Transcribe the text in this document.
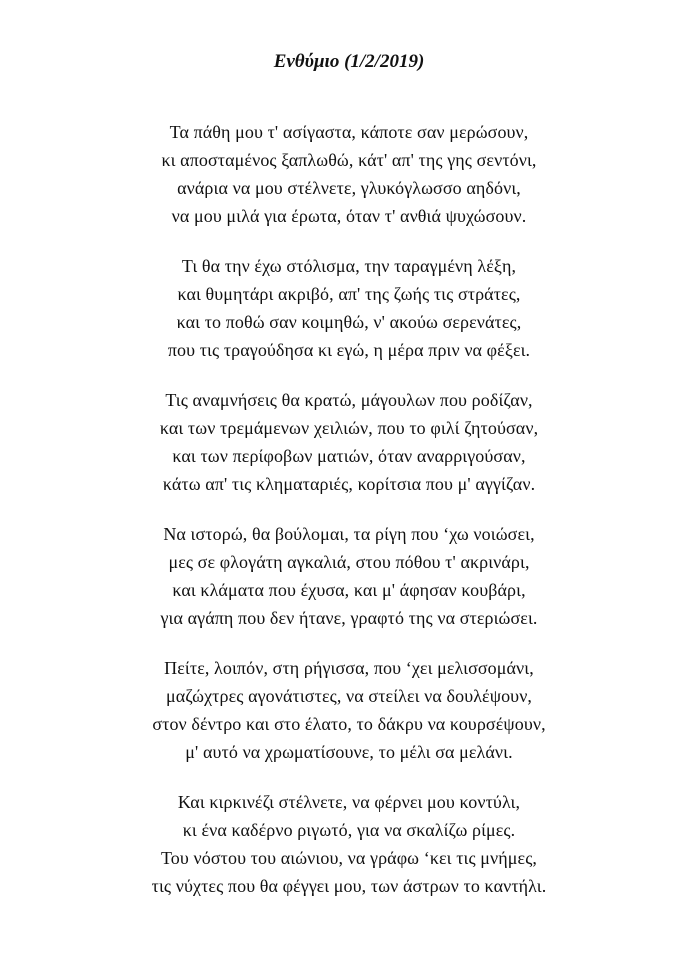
Ενθύμιο (1/2/2019)
Τα πάθη μου τ' ασίγαστα, κάποτε σαν μερώσουν,
κι αποσταμένος ξαπλωθώ, κάτ' απ' της γης σεντόνι,
ανάρια να μου στέλνετε, γλυκόγλωσσο αηδόνι,
να μου μιλά για έρωτα, όταν τ' ανθιά ψυχώσουν.
Τι θα την έχω στόλισμα, την ταραγμένη λέξη,
και θυμητάρι ακριβό, απ' της ζωής τις στράτες,
και το ποθώ σαν κοιμηθώ, ν' ακούω σερενάτες,
που τις τραγούδησα κι εγώ, η μέρα πριν να φέξει.
Τις αναμνήσεις θα κρατώ, μάγουλων που ροδίζαν,
και των τρεμάμενων χειλιών, που το φιλί ζητούσαν,
και των περίφοβων ματιών, όταν αναρριγούσαν,
κάτω απ' τις κληματαριές, κορίτσια που μ' αγγίζαν.
Να ιστορώ, θα βούλομαι, τα ρίγη που ‘χω νοιώσει,
μες σε φλογάτη αγκαλιά, στου πόθου τ' ακρινάρι,
και κλάματα που έχυσα, και μ' άφησαν κουβάρι,
για αγάπη που δεν ήτανε, γραφτό της να στεριώσει.
Πείτε, λοιπόν, στη ρήγισσα, που ‘χει μελισσομάνι,
μαζώχτρες αγονάτιστες, να στείλει να δουλέψουν,
στον δέντρο και στο έλατο, το δάκρυ να κουρσέψουν,
μ' αυτό να χρωματίσουνε, το μέλι σα μελάνι.
Και κιρκινέζι στέλνετε, να φέρνει μου κοντύλι,
κι ένα καδέρνο ριγωτό, για να σκαλίζω ρίμες.
Του νόστου του αιώνιου, να γράφω ‘κει τις μνήμες,
τις νύχτες που θα φέγγει μου, των άστρων το καντήλι.
